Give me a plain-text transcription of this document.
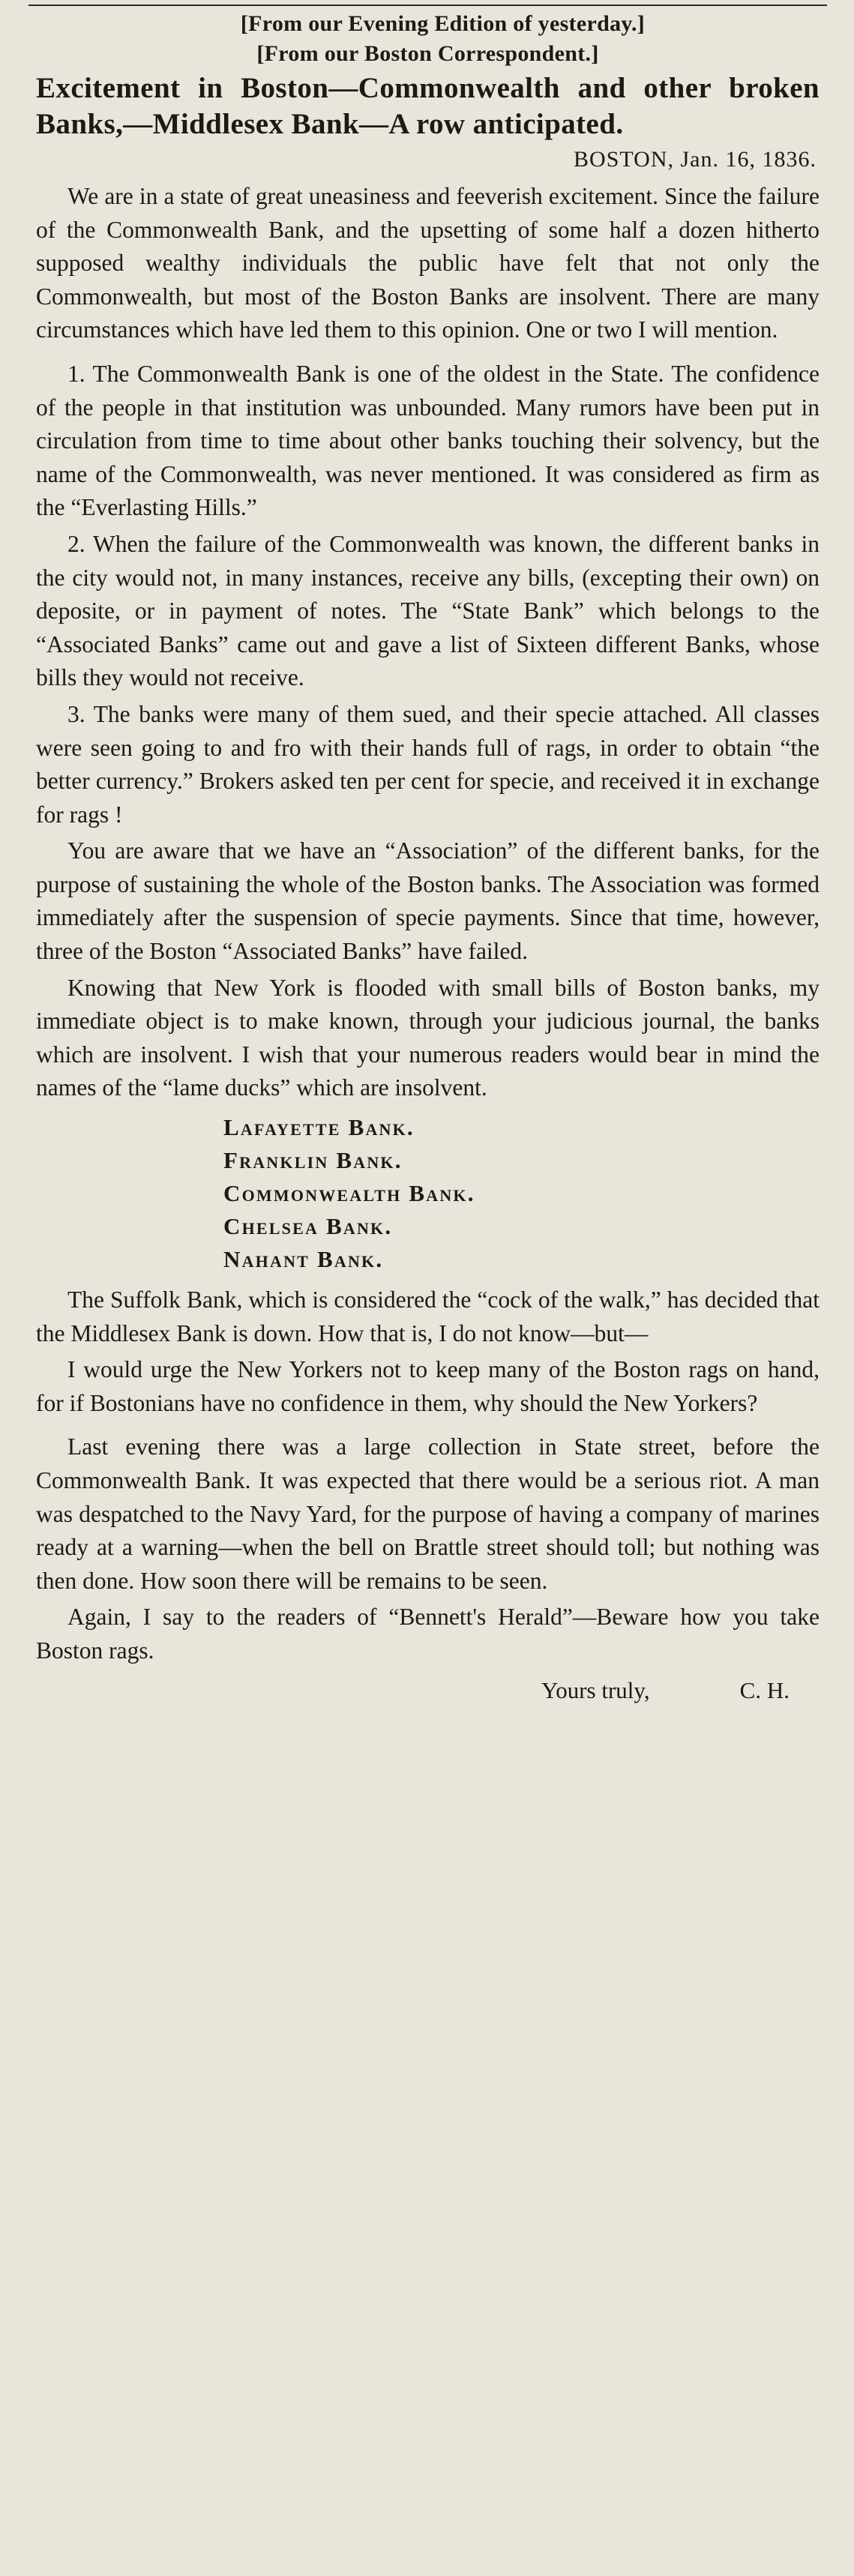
[From our Evening Edition of yesterday.]
[From our Boston Correspondent.]
Excitement in Boston—Commonwealth and other broken Banks,—Middlesex Bank—A row anticipated.
BOSTON, Jan. 16, 1836.

We are in a state of great uneasiness and feeverish excitement. Since the failure of the Commonwealth Bank, and the upsetting of some half a dozen hitherto supposed wealthy individuals the public have felt that not only the Commonwealth, but most of the Boston Banks are insolvent. There are many circumstances which have led them to this opinion. One or two I will mention.

1. The Commonwealth Bank is one of the oldest in the State. The confidence of the people in that institution was unbounded. Many rumors have been put in circulation from time to time about other banks touching their solvency, but the name of the Commonwealth, was never mentioned. It was considered as firm as the “Everlasting Hills.”

2. When the failure of the Commonwealth was known, the different banks in the city would not, in many instances, receive any bills, (excepting their own) on deposite, or in payment of notes. The “State Bank” which belongs to the “Associated Banks” came out and gave a list of Sixteen different Banks, whose bills they would not receive.

3. The banks were many of them sued, and their specie attached. All classes were seen going to and fro with their hands full of rags, in order to obtain “the better currency.” Brokers asked ten per cent for specie, and received it in exchange for rags !

You are aware that we have an “Association” of the different banks, for the purpose of sustaining the whole of the Boston banks. The Association was formed immediately after the suspension of specie payments. Since that time, however, three of the Boston “Associated Banks” have failed.

Knowing that New York is flooded with small bills of Boston banks, my immediate object is to make known, through your judicious journal, the banks which are insolvent. I wish that your numerous readers would bear in mind the names of the “lame ducks” which are insolvent.

Lafayette Bank.
Franklin Bank.
Commonwealth Bank.
Chelsea Bank.
Nahant Bank.

The Suffolk Bank, which is considered the “cock of the walk,” has decided that the Middlesex Bank is down. How that is, I do not know—but—

I would urge the New Yorkers not to keep many of the Boston rags on hand, for if Bostonians have no confidence in them, why should the New Yorkers?

Last evening there was a large collection in State street, before the Commonwealth Bank. It was expected that there would be a serious riot. A man was despatched to the Navy Yard, for the purpose of having a company of marines ready at a warning—when the bell on Brattle street should toll; but nothing was then done. How soon there will be remains to be seen.

Again, I say to the readers of “Bennett's Herald”—Beware how you take Boston rags.

Yours truly,	C. H.
